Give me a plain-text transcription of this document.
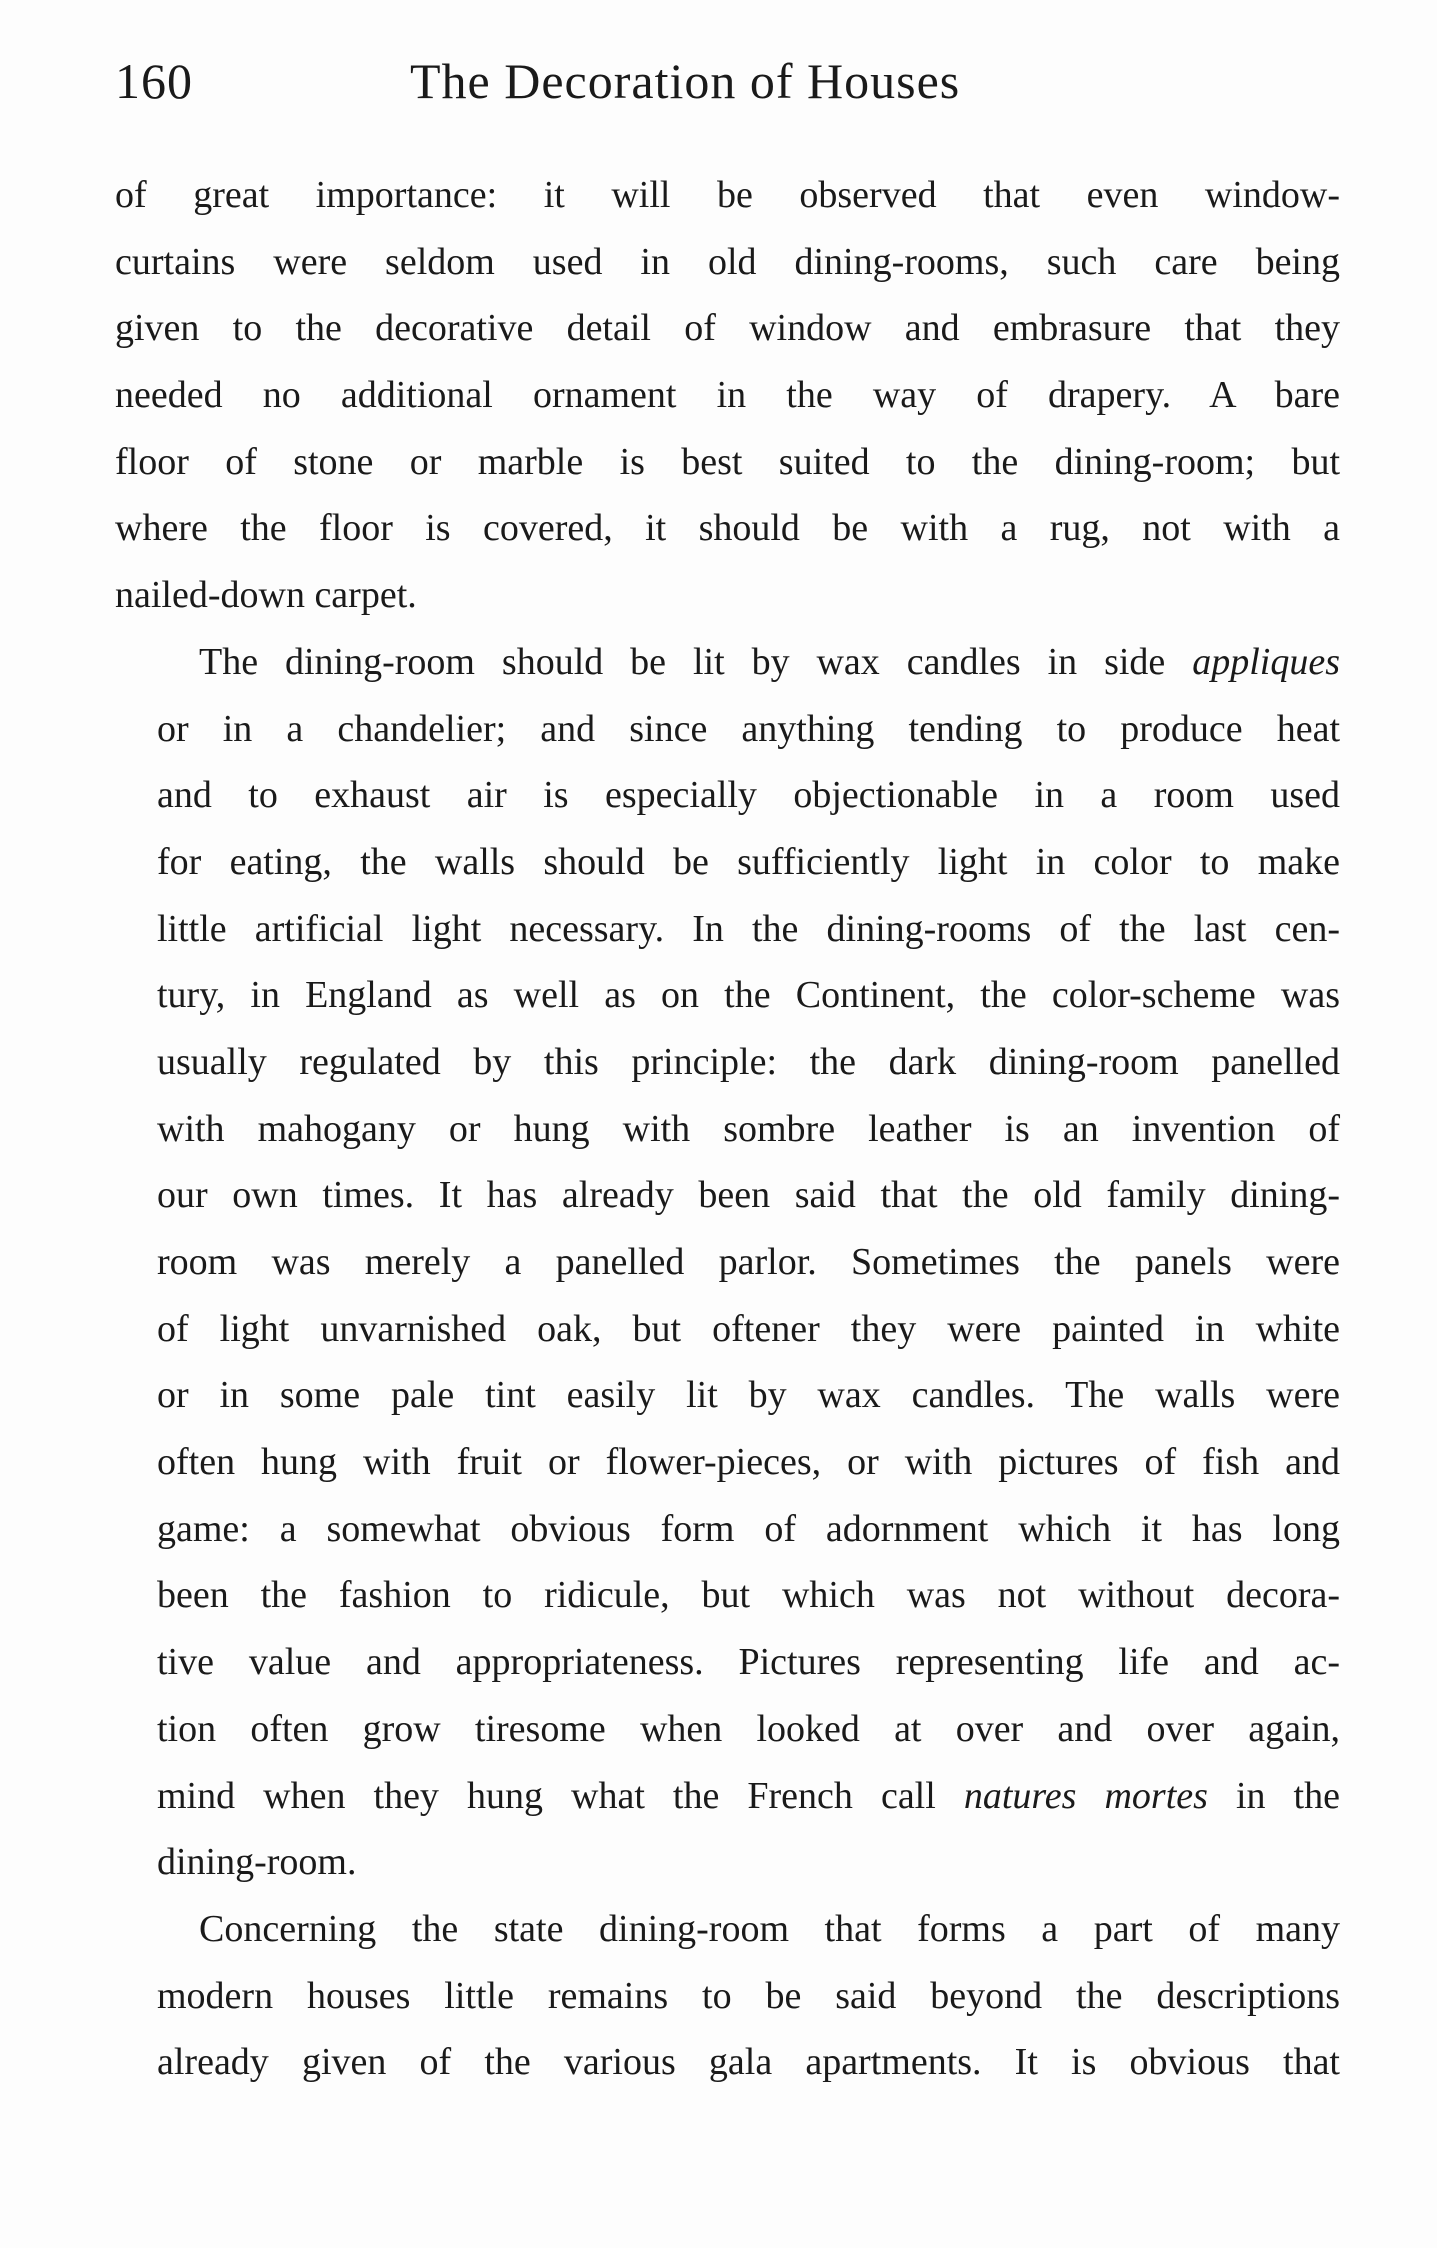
160	The Decoration of Houses
of great importance: it will be observed that even window-
curtains were seldom used in old dining-rooms, such care being
given to the decorative detail of window and embrasure that they
needed no additional ornament in the way of drapery. A bare
floor of stone or marble is best suited to the dining-room; but
where the floor is covered, it should be with a rug, not with a
nailed-down carpet.
The dining-room should be lit by wax candles in side appliques
or in a chandelier; and since anything tending to produce heat
and to exhaust air is especially objectionable in a room used
for eating, the walls should be sufficiently light in color to make
little artificial light necessary. In the dining-rooms of the last cen-
tury, in England as well as on the Continent, the color-scheme was
usually regulated by this principle: the dark dining-room panelled
with mahogany or hung with sombre leather is an invention of
our own times. It has already been said that the old family dining-
room was merely a panelled parlor. Sometimes the panels were
of light unvarnished oak, but oftener they were painted in white
or in some pale tint easily lit by wax candles. The walls were
often hung with fruit or flower-pieces, or with pictures of fish and
game: a somewhat obvious form of adornment which it has long
been the fashion to ridicule, but which was not without decora-
tive value and appropriateness. Pictures representing life and ac-
tion often grow tiresome when looked at over and over again,
mind when they hung what the French call natures mortes in the
dining-room.
Concerning the state dining-room that forms a part of many
modern houses little remains to be said beyond the descriptions
already given of the various gala apartments. It is obvious that
